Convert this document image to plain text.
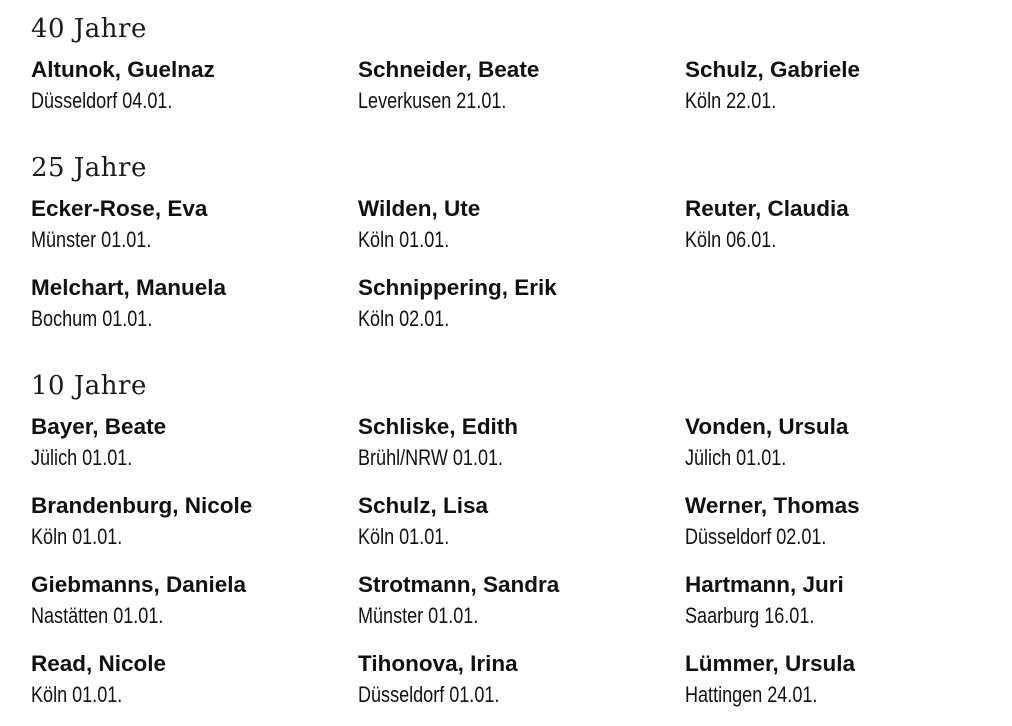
40 Jahre
Altunok, Guelnaz
Düsseldorf 04.01.
Schneider, Beate
Leverkusen 21.01.
Schulz, Gabriele
Köln 22.01.
25 Jahre
Ecker-Rose, Eva
Münster 01.01.
Wilden, Ute
Köln 01.01.
Reuter, Claudia
Köln 06.01.
Melchart, Manuela
Bochum 01.01.
Schnippering, Erik
Köln 02.01.
10 Jahre
Bayer, Beate
Jülich 01.01.
Schliske, Edith
Brühl/NRW 01.01.
Vonden, Ursula
Jülich 01.01.
Brandenburg, Nicole
Köln 01.01.
Schulz, Lisa
Köln 01.01.
Werner, Thomas
Düsseldorf 02.01.
Giebmanns, Daniela
Nastätten 01.01.
Strotmann, Sandra
Münster 01.01.
Hartmann, Juri
Saarburg 16.01.
Read, Nicole
Köln 01.01.
Tihonova, Irina
Düsseldorf 01.01.
Lümmer, Ursula
Hattingen 24.01.
